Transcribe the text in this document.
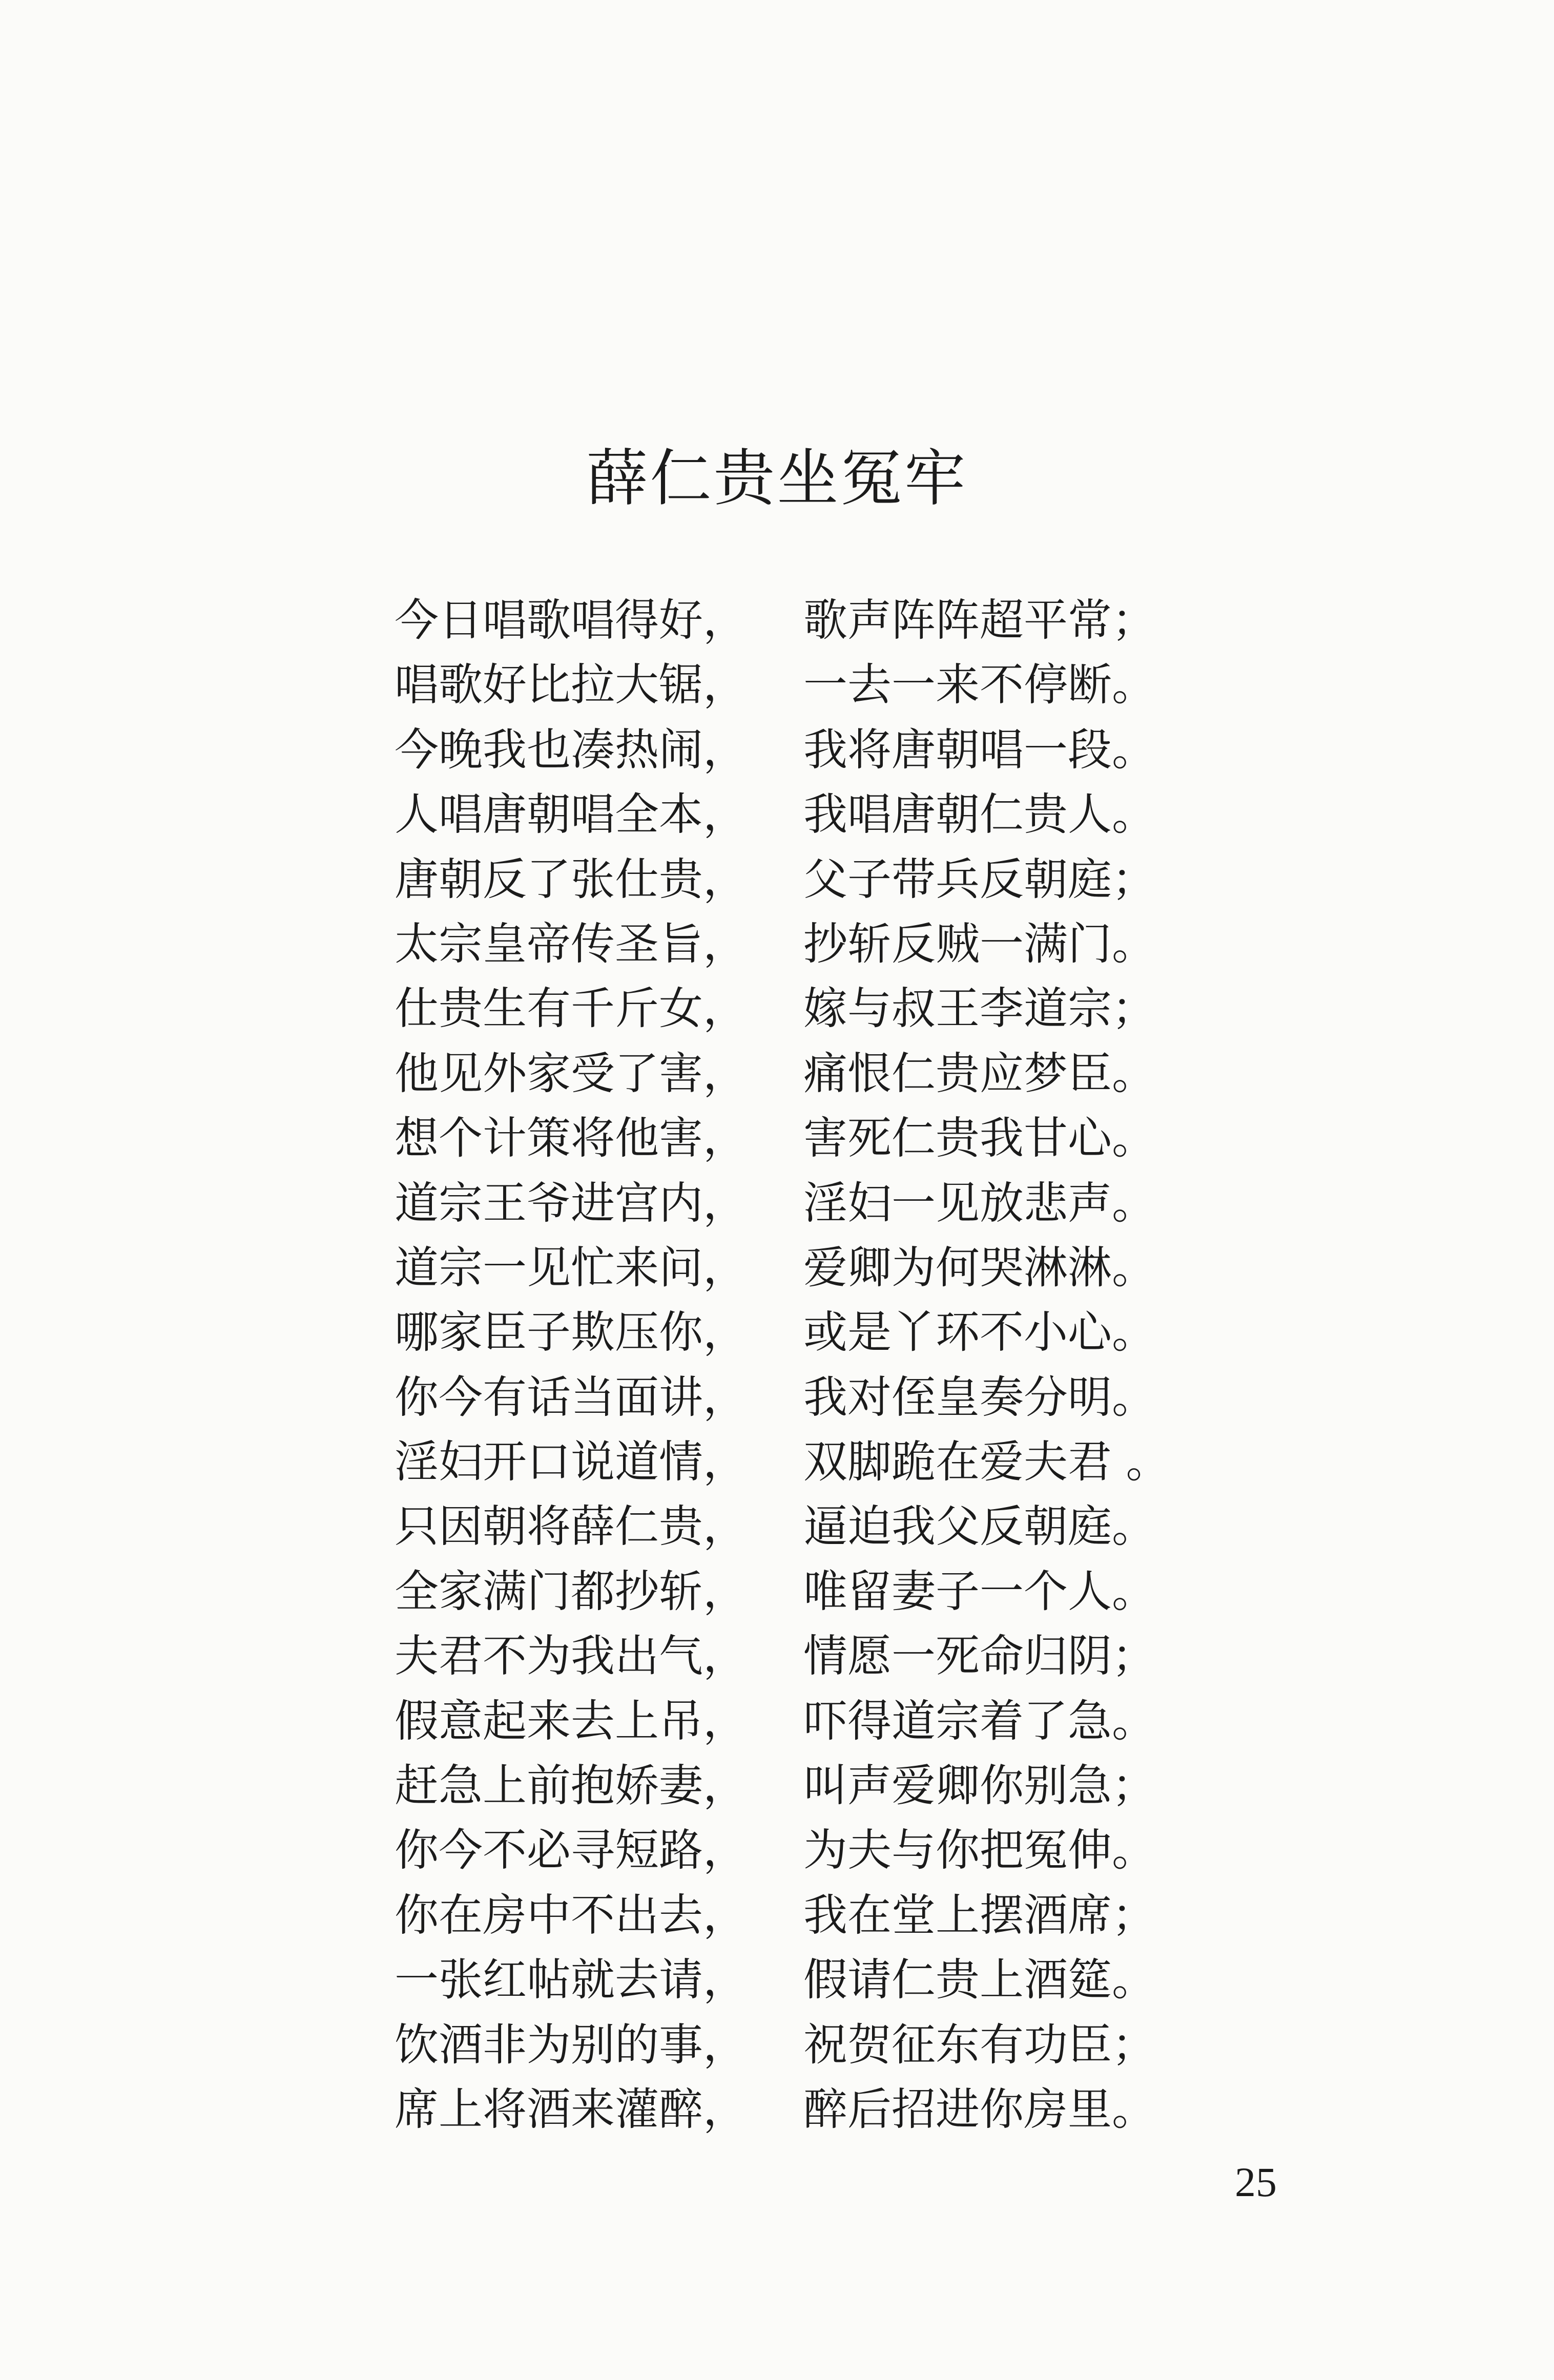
薛仁贵坐冤牢
今日唱歌唱得好， 歌声阵阵超平常；
唱歌好比拉大锯， 一去一来不停断。
今晚我也凑热闹， 我将唐朝唱一段。
人唱唐朝唱全本， 我唱唐朝仁贵人。
唐朝反了张仕贵， 父子带兵反朝庭；
太宗皇帝传圣旨， 抄斩反贼一满门。
仕贵生有千斤女， 嫁与叔王李道宗；
他见外家受了害， 痛恨仁贵应梦臣。
想个计策将他害， 害死仁贵我甘心。
道宗王爷进宫内， 淫妇一见放悲声。
道宗一见忙来问， 爱卿为何哭淋淋。
哪家臣子欺压你， 或是丫环不小心。
你今有话当面讲， 我对侄皇奏分明。
淫妇开口说道情， 双脚跪在爱夫君 。
只因朝将薛仁贵， 逼迫我父反朝庭。
全家满门都抄斩， 唯留妻子一个人。
夫君不为我出气， 情愿一死命归阴；
假意起来去上吊， 吓得道宗着了急。
赶急上前抱娇妻， 叫声爱卿你别急；
你今不必寻短路， 为夫与你把冤伸。
你在房中不出去， 我在堂上摆酒席；
一张红帖就去请， 假请仁贵上酒筵。
饮酒非为别的事， 祝贺征东有功臣；
席上将酒来灌醉， 醉后招进你房里。
25
